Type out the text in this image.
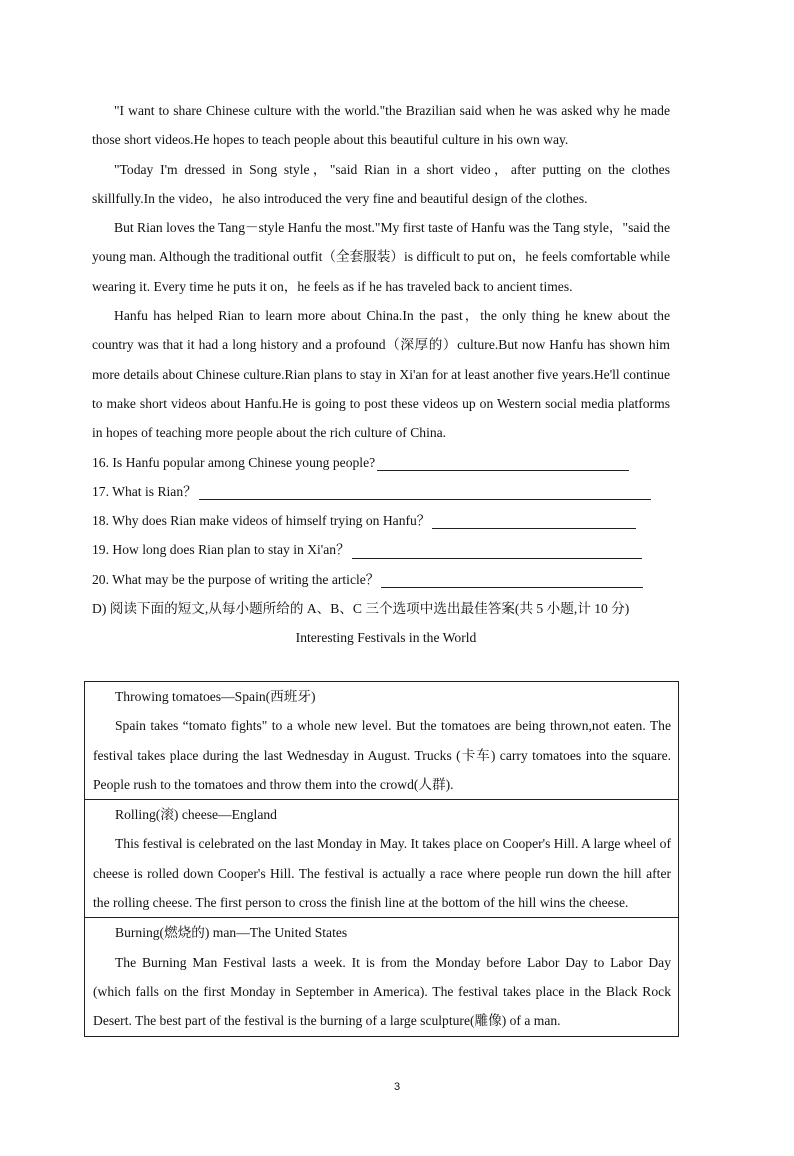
"I want to share Chinese culture with the world."the Brazilian said when he was asked why he made those short videos.He hopes to teach people about this beautiful culture in his own way.

"Today I'm dressed in Song style，"said Rian in a short video，after putting on the clothes skillfully.In the video，he also introduced the very fine and beautiful design of the clothes.

But Rian loves the Tang－style Hanfu the most."My first taste of Hanfu was the Tang style，"said the young man. Although the traditional outfit（全套服装）is difficult to put on，he feels comfortable while wearing it. Every time he puts it on，he feels as if he has traveled back to ancient times.

Hanfu has helped Rian to learn more about China.In the past，the only thing he knew about the country was that it had a long history and a profound（深厚的）culture.But now Hanfu has shown him more details about Chinese culture.Rian plans to stay in Xi'an for at least another five years.He'll continue to make short videos about Hanfu.He is going to post these videos up on Western social media platforms in hopes of teaching more people about the rich culture of China.

16. Is Hanfu popular among Chinese young people?
17. What is Rian？
18. Why does Rian make videos of himself trying on Hanfu？
19. How long does Rian plan to stay in Xi'an？
20. What may be the purpose of writing the article？

D) 阅读下面的短文,从每小题所给的 A、B、C 三个选项中选出最佳答案(共 5 小题,计 10 分)

Interesting Festivals in the World

Throwing tomatoes—Spain(西班牙)

Spain takes “tomato fights" to a whole new level. But the tomatoes are being thrown,not eaten. The festival takes place during the last Wednesday in August. Trucks (卡车) carry tomatoes into the square. People rush to the tomatoes and throw them into the crowd(人群).

Rolling(滚) cheese—England

This festival is celebrated on the last Monday in May. It takes place on Cooper's Hill. A large wheel of cheese is rolled down Cooper's Hill. The festival is actually a race where people run down the hill after the rolling cheese. The first person to cross the finish line at the bottom of the hill wins the cheese.

Burning(燃烧的) man—The United States

The Burning Man Festival lasts a week. It is from the Monday before Labor Day to Labor Day (which falls on the first Monday in September in America). The festival takes place in the Black Rock Desert. The best part of the festival is the burning of a large sculpture(雕像) of a man.

3
